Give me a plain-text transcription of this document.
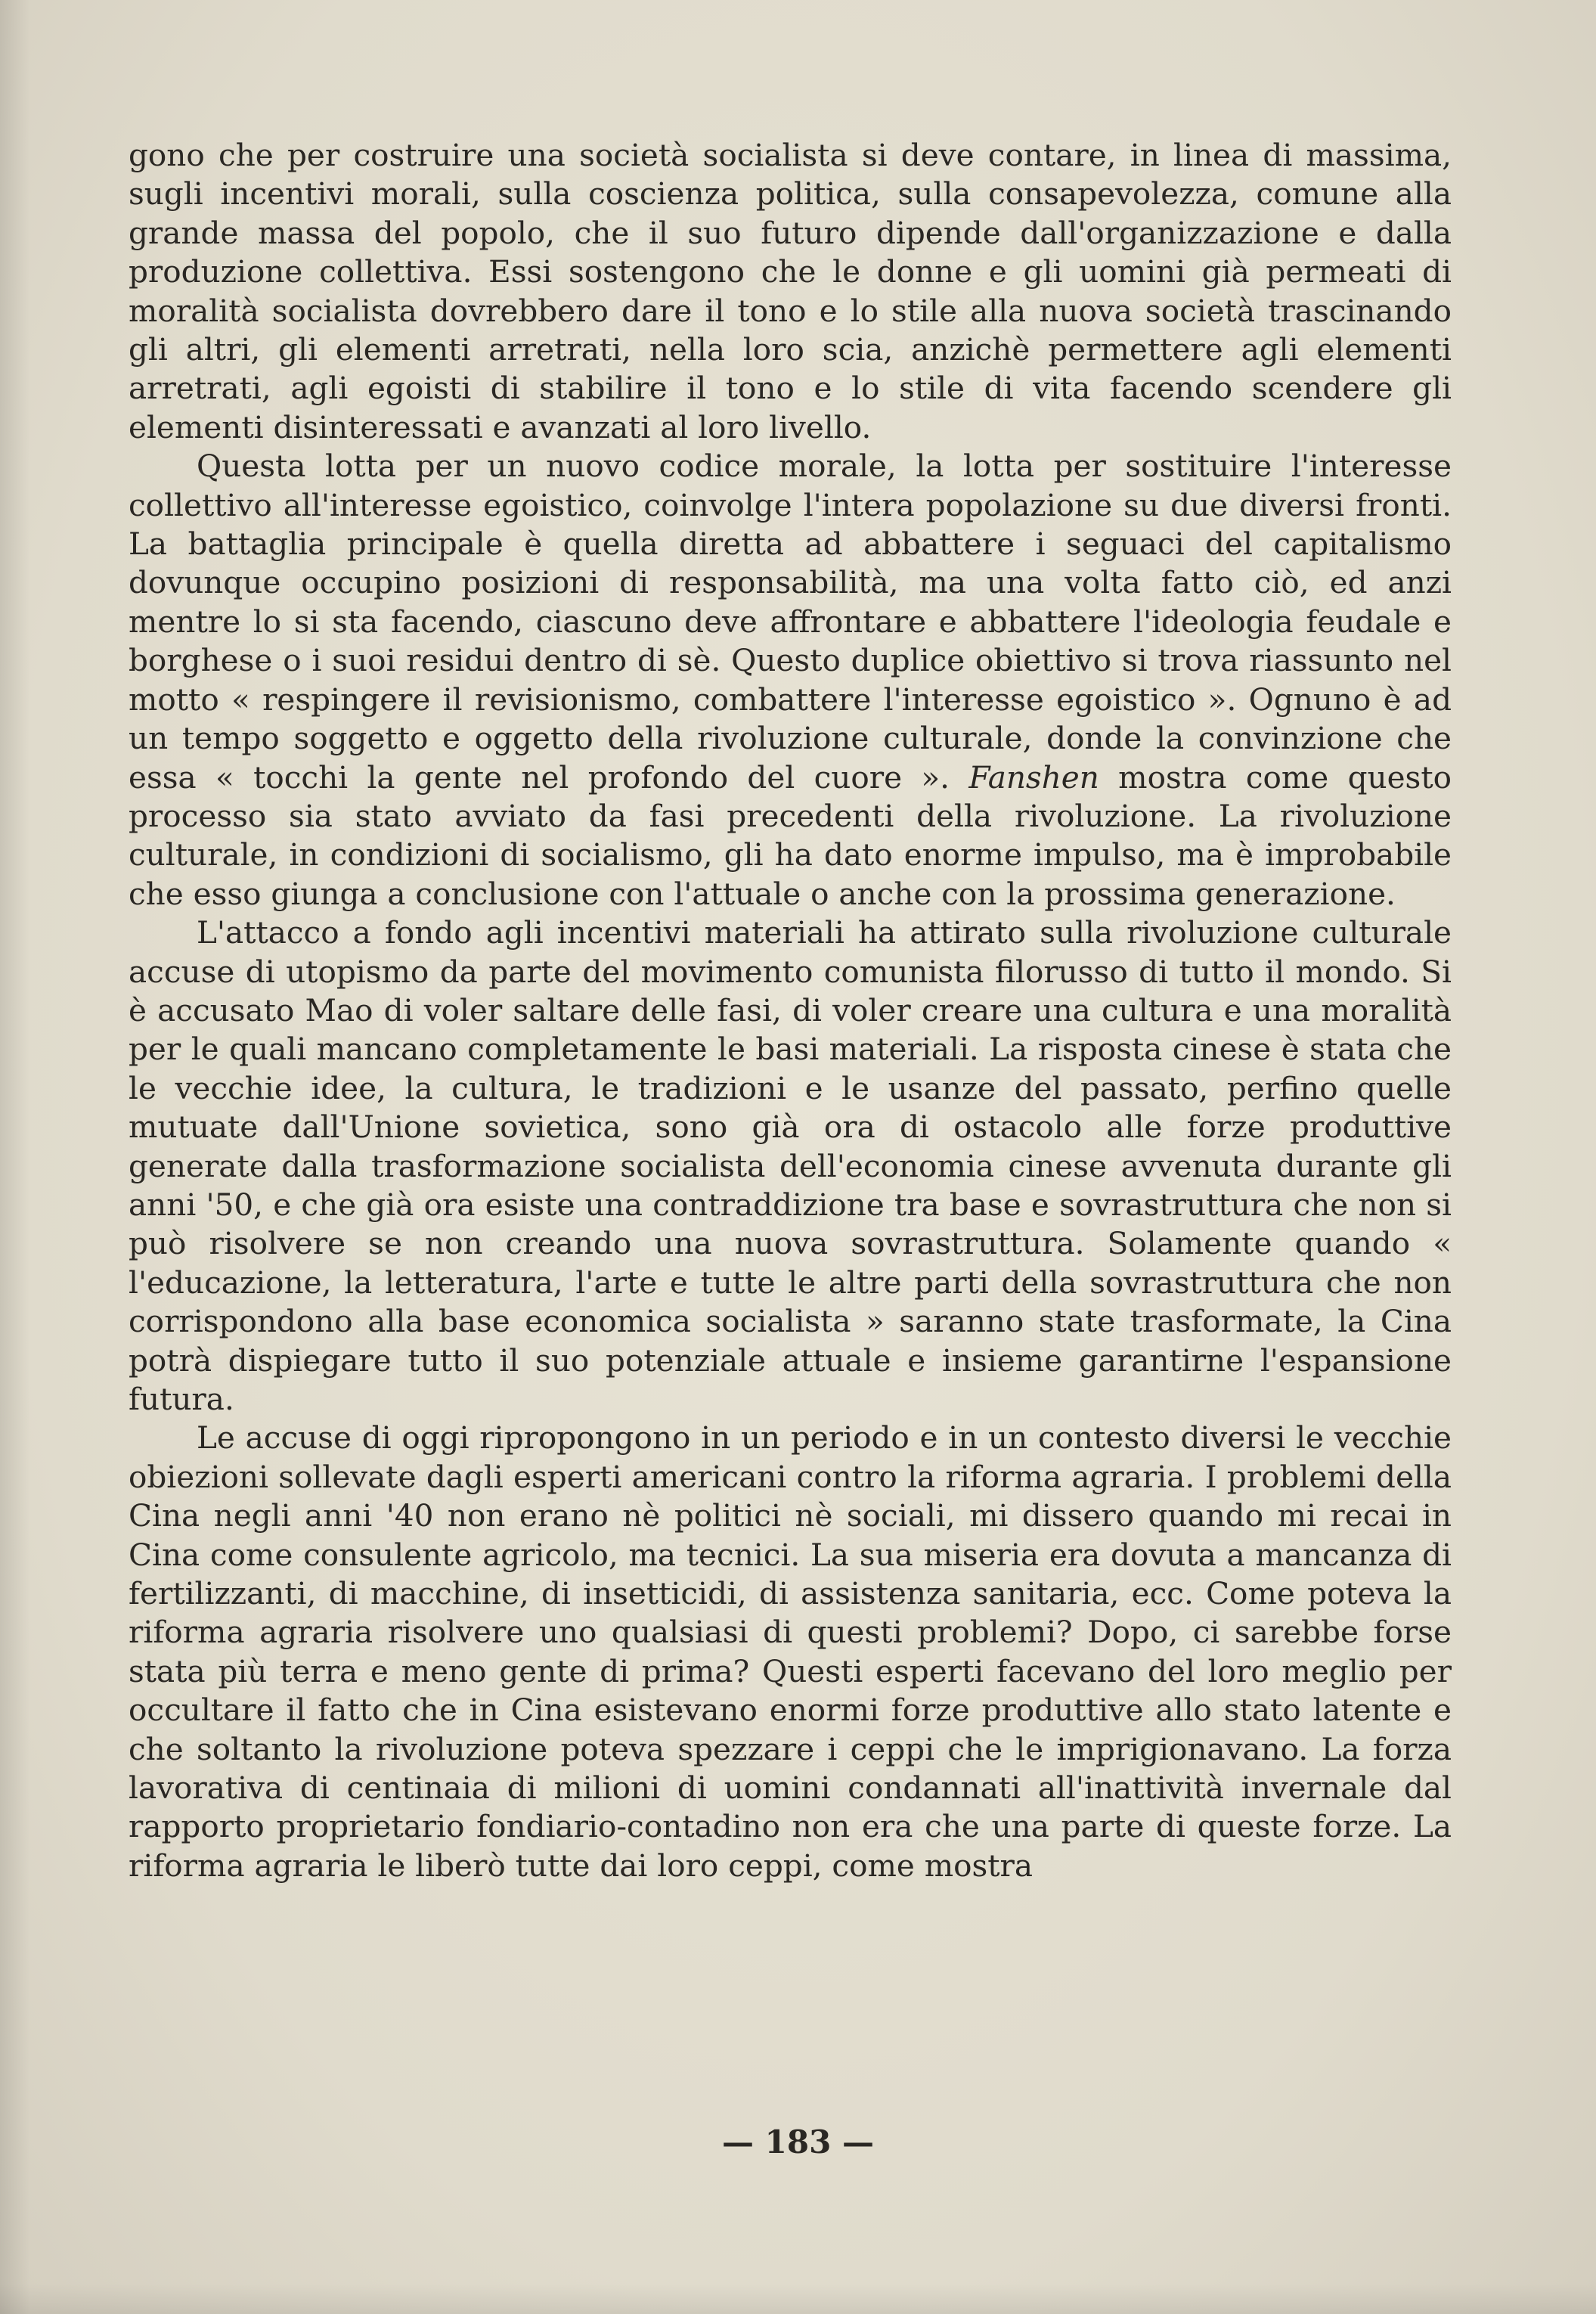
gono che per costruire una società socialista si deve contare, in linea di massima, sugli incentivi morali, sulla coscienza politica, sulla consapevolezza, comune alla grande massa del popolo, che il suo futuro dipende dall'organizzazione e dalla produzione collettiva. Essi sostengono che le donne e gli uomini già permeati di moralità socialista dovrebbero dare il tono e lo stile alla nuova società trascinando gli altri, gli elementi arretrati, nella loro scia, anzichè permettere agli elementi arretrati, agli egoisti di stabilire il tono e lo stile di vita facendo scendere gli elementi disinteressati e avanzati al loro livello.

Questa lotta per un nuovo codice morale, la lotta per sostituire l'interesse collettivo all'interesse egoistico, coinvolge l'intera popolazione su due diversi fronti. La battaglia principale è quella diretta ad abbattere i seguaci del capitalismo dovunque occupino posizioni di responsabilità, ma una volta fatto ciò, ed anzi mentre lo si sta facendo, ciascuno deve affrontare e abbattere l'ideologia feudale e borghese o i suoi residui dentro di sè. Questo duplice obiettivo si trova riassunto nel motto « respingere il revisionismo, combattere l'interesse egoistico ». Ognuno è ad un tempo soggetto e oggetto della rivoluzione culturale, donde la convinzione che essa « tocchi la gente nel profondo del cuore ». Fanshen mostra come questo processo sia stato avviato da fasi precedenti della rivoluzione. La rivoluzione culturale, in condizioni di socialismo, gli ha dato enorme impulso, ma è improbabile che esso giunga a conclusione con l'attuale o anche con la prossima generazione.

L'attacco a fondo agli incentivi materiali ha attirato sulla rivoluzione culturale accuse di utopismo da parte del movimento comunista filorusso di tutto il mondo. Si è accusato Mao di voler saltare delle fasi, di voler creare una cultura e una moralità per le quali mancano completamente le basi materiali. La risposta cinese è stata che le vecchie idee, la cultura, le tradizioni e le usanze del passato, perfino quelle mutuate dall'Unione sovietica, sono già ora di ostacolo alle forze produttive generate dalla trasformazione socialista dell'economia cinese avvenuta durante gli anni '50, e che già ora esiste una contraddizione tra base e sovrastruttura che non si può risolvere se non creando una nuova sovrastruttura. Solamente quando « l'educazione, la letteratura, l'arte e tutte le altre parti della sovrastruttura che non corrispondono alla base economica socialista » saranno state trasformate, la Cina potrà dispiegare tutto il suo potenziale attuale e insieme garantirne l'espansione futura.

Le accuse di oggi ripropongono in un periodo e in un contesto diversi le vecchie obiezioni sollevate dagli esperti americani contro la riforma agraria. I problemi della Cina negli anni '40 non erano nè politici nè sociali, mi dissero quando mi recai in Cina come consulente agricolo, ma tecnici. La sua miseria era dovuta a mancanza di fertilizzanti, di macchine, di insetticidi, di assistenza sanitaria, ecc. Come poteva la riforma agraria risolvere uno qualsiasi di questi problemi? Dopo, ci sarebbe forse stata più terra e meno gente di prima? Questi esperti facevano del loro meglio per occultare il fatto che in Cina esistevano enormi forze produttive allo stato latente e che soltanto la rivoluzione poteva spezzare i ceppi che le imprigionavano. La forza lavorativa di centinaia di milioni di uomini condannati all'inattività invernale dal rapporto proprietario fondiario-contadino non era che una parte di queste forze. La riforma agraria le liberò tutte dai loro ceppi, come mostra

— 183 —
